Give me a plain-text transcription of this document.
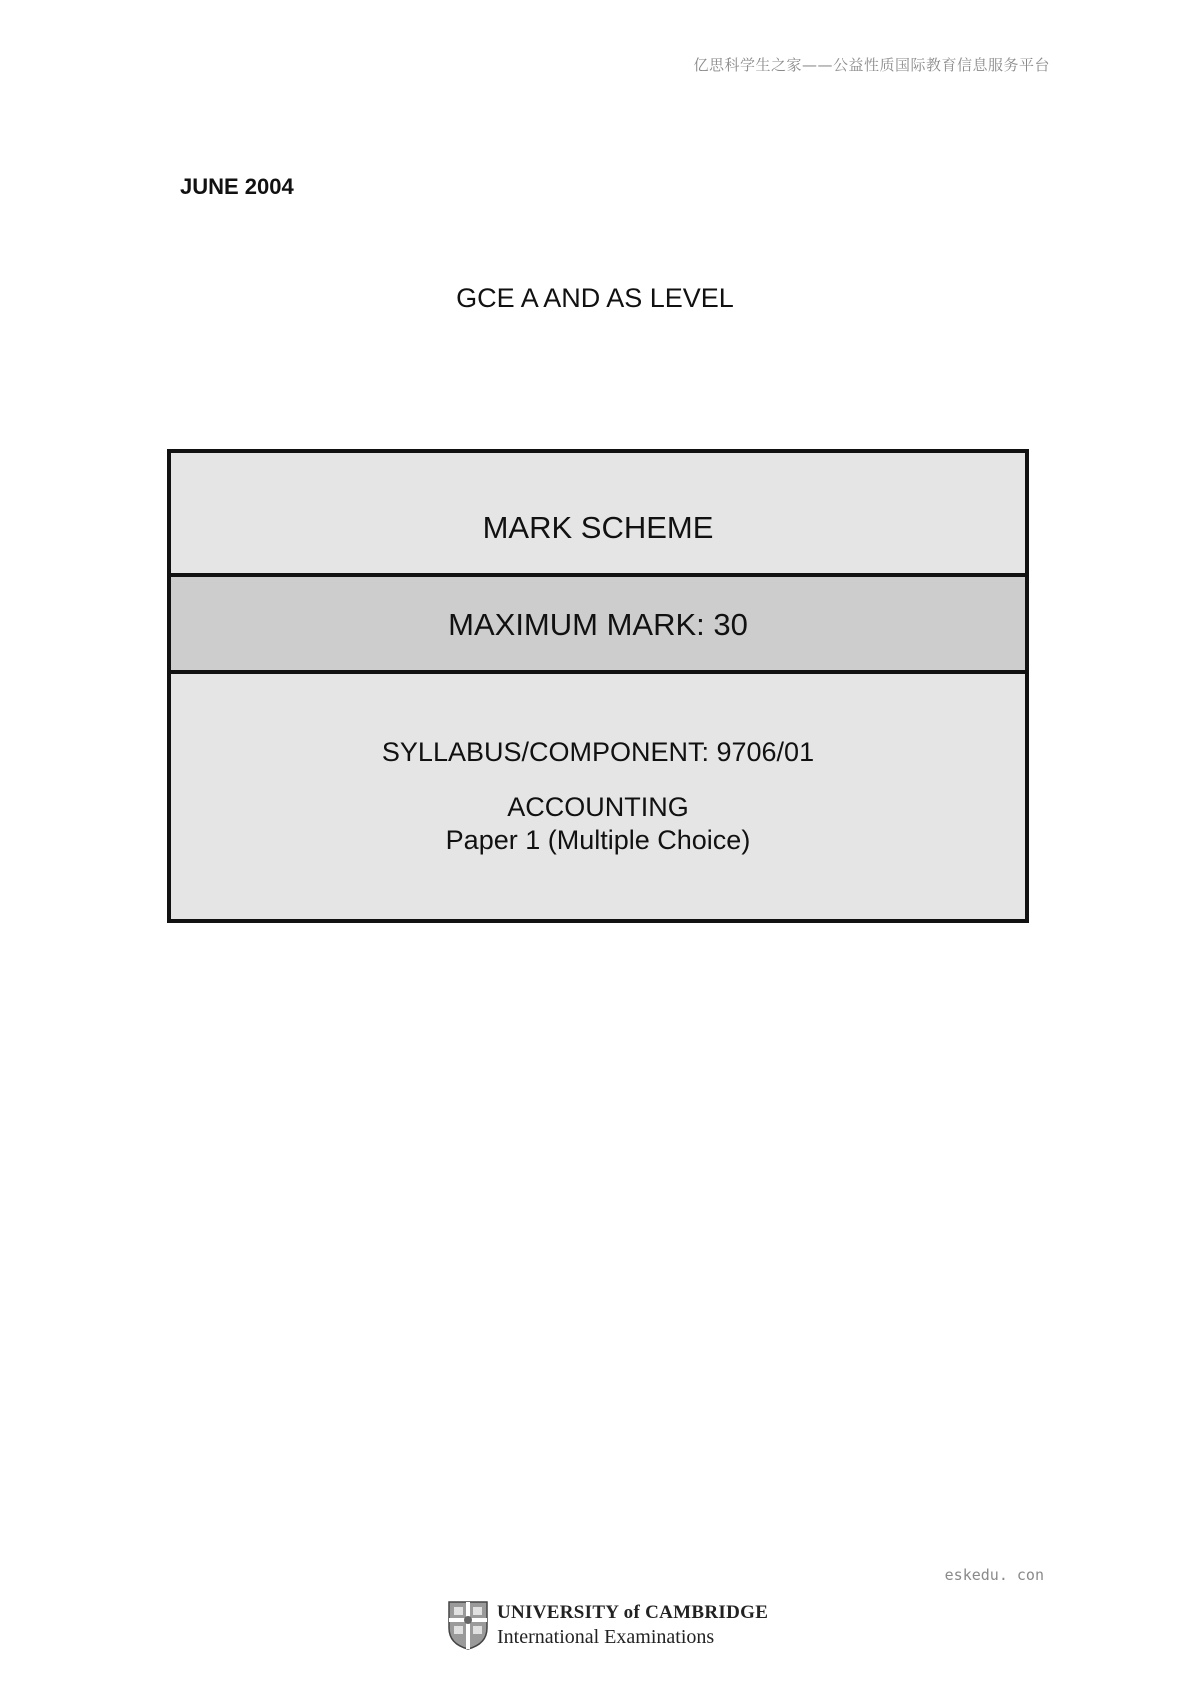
亿思科学生之家——公益性质国际教育信息服务平台
JUNE 2004
GCE A AND AS LEVEL
MARK SCHEME
MAXIMUM MARK: 30
SYLLABUS/COMPONENT: 9706/01
ACCOUNTING
Paper 1 (Multiple Choice)
eskedu. con
UNIVERSITY of CAMBRIDGE
International Examinations
